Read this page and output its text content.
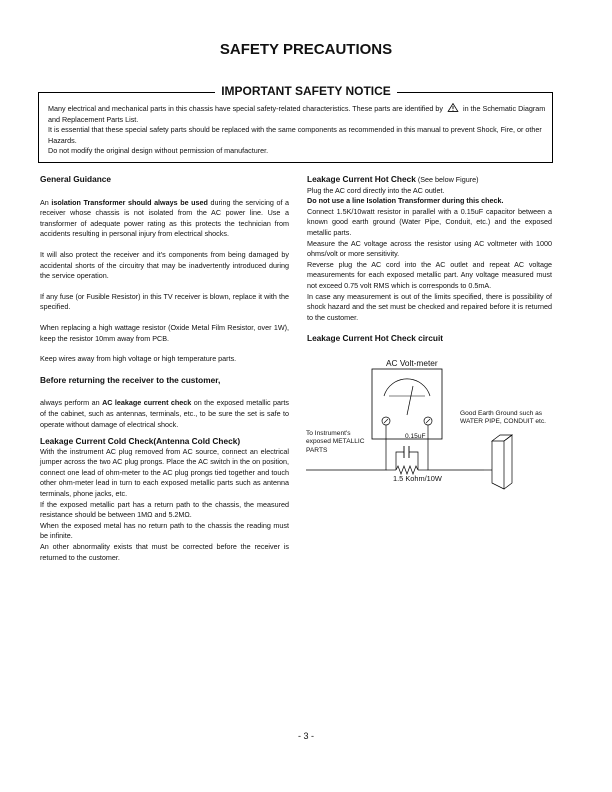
SAFETY PRECAUTIONS
IMPORTANT SAFETY NOTICE

Many electrical and mechanical parts in this chassis have special safety-related characteristics. These parts are identified by	in the Schematic Diagram and Replacement Parts List.

It is essential that these special safety parts should be replaced with the same components as recommended in this manual to prevent Shock, Fire, or other Hazards.

Do not modify the original design without permission of manufacturer.

General Guidance

An isolation Transformer should always be used during the servicing of a receiver whose chassis is not isolated from the AC power line. Use a transformer of adequate power rating as this protects the technician from accidents resulting in personal injury from electrical shocks.

It will also protect the receiver and it's components from being damaged by accidental shorts of the circuitry that may be inadvertently introduced during the service operation.

If any fuse (or Fusible Resistor) in this TV receiver is blown, replace it with the specified.

When replacing a high wattage resistor (Oxide Metal Film Resistor, over 1W), keep the resistor 10mm away from PCB.

Keep wires away from high voltage or high temperature parts.

Before returning the receiver to the customer,

always perform an AC leakage current check on the exposed metallic parts of the cabinet, such as antennas, terminals, etc., to be sure the set is safe to operate without damage of electrical shock.

Leakage Current Cold Check(Antenna Cold Check)

With the instrument AC plug removed from AC source, connect an electrical jumper across the two AC plug prongs. Place the AC switch in the on position, connect one lead of ohm-meter to the AC plug prongs tied together and touch other ohm-meter lead in turn to each exposed metallic parts such as antenna terminals, phone jacks, etc.

If the exposed metallic part has a return path to the chassis, the measured resistance should be between 1MΩ and 5.2MΩ.

When the exposed metal has no return path to the chassis the reading must be infinite.

An other abnormality exists that must be corrected before the receiver is returned to the customer.

Leakage Current Hot Check (See below Figure)

Plug the AC cord directly into the AC outlet.

Do not use a line Isolation Transformer during this check.

Connect 1.5K/10watt resistor in parallel with a 0.15uF capacitor between a known good earth ground (Water Pipe, Conduit, etc.) and the exposed metallic parts.

Measure the AC voltage across the resistor using AC voltmeter with 1000 ohms/volt or more sensitivity.

Reverse plug the AC cord into the AC outlet and repeat AC voltage measurements for each exposed metallic part. Any voltage measured must not exceed 0.75 volt RMS which is corresponds to 0.5mA.

In case any measurement is out of the limits specified, there is possibility of shock hazard and the set must be checked and repaired before it is returned to the customer.

Leakage Current Hot Check circuit

AC Volt-meter
To Instrument's exposed METALLIC PARTS
0.15uF
1.5 Kohm/10W
Good Earth Ground such as WATER PIPE, CONDUIT etc.
- 3 -
